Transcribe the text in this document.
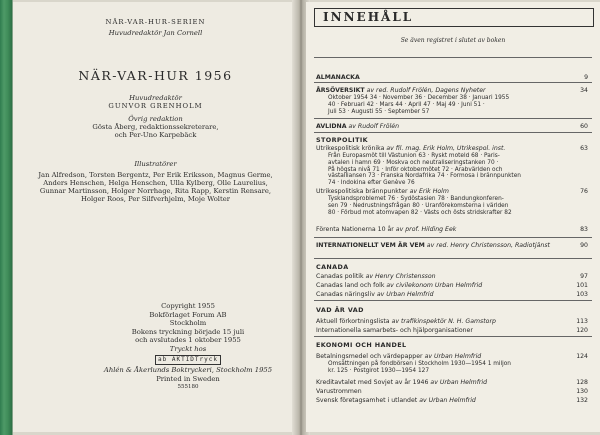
NÄR-VAR-HUR-SERIEN

Huvudredaktör Jan Cornell

NÄR-VAR-HUR 1956

Huvudredaktör

GUNVOR GRENHOLM

Övrig redaktion

Gösta Åberg, redaktionssekreterare,

och Per-Uno Karpebäck

Illustratörer

Jan Alfredson, Torsten Bergentz, Per Erik Eriksson, Magnus Germe,

Anders Henschen, Helga Henschen, Ulla Kylberg, Olle Laurelius,

Gunnar Martinsson, Holger Norrhage, Rita Rapp, Kerstin Rensare,

Holger Roos, Per Silfverhjelm, Moje Wolter

Copyright 1955

Bokförlaget Forum AB

Stockholm

Bokens tryckning började 15 juli

och avslutades 1 oktober 1955

Tryckt hos

ab AKTIDTryck

Ahlén & Åkerlunds Boktryckeri, Stockholm 1955

Printed in Sweden

555180

INNEHÅLL

Se även registret i slutet av boken

ALMANACKA	9

ÅRSÖVERSIKT av red. Rudolf Frölén, Dagens Nyheter	34

Oktober 1954 34 · November 36 · December 38 · Januari 1955

40 · Februari 42 · Mars 44 · April 47 · Maj 49 · Juni 51 ·

Juli 53 · Augusti 55 · September 57

AVLIDNA av Rudolf Frölén	60

STORPOLITIK

Utrikespolitisk krönika av fil. mag. Erik Holm, Utrikespol. inst.	63

Från Europasmöt till Västunion 63 · Ryskt moteld 68 · Paris-

avtalen i hamn 69 · Moskva och neutraliseringstanken 70 ·

På högsta nivå 71 · Inför oktobermötet 72 · Arabvärlden och

västalliansen 73 · Franska Nordafrika 74 · Formosa i brännpunkten

74 · Indokina efter Genève 76

Utrikespolitiska brännpunkter av Erik Holm	76

Tysklandsproblemet 76 · Sydöstasien 78 · Bandungkonferen-

sen 79 · Nedrustningsfrågan 80 · Uranförekomsterna i världen

80 · Förbud mot atomvapen 82 · Västs och östs stridskrafter 82

Förenta Nationerna 10 år av prof. Hilding Eek	83

INTERNATIONELLT VEM ÄR VEM av red. Henry Christensson, Radiotjänst	90

CANADA

Canadas politik av Henry Christensson	97

Canadas land och folk av civilekonom Urban Helmfrid	101

Canadas näringsliv av Urban Helmfrid	103

VAD ÄR VAD

Aktuell förkortningslista av trafikinspektör N. H. Gamstorp	113

Internationella samarbets- och hjälporganisationer	120

EKONOMI OCH HANDEL

Betalningsmedel och värdepapper av Urban Helmfrid	124

Omsättningen på fondbörsen i Stockholm 1930—1954 1 miljon

kr. 125 · Postgirot 1930—1954 127

Kreditavtalet med Sovjet av år 1946 av Urban Helmfrid	128

Varustrommen	130

Svensk företagsamhet i utlandet av Urban Helmfrid	132
